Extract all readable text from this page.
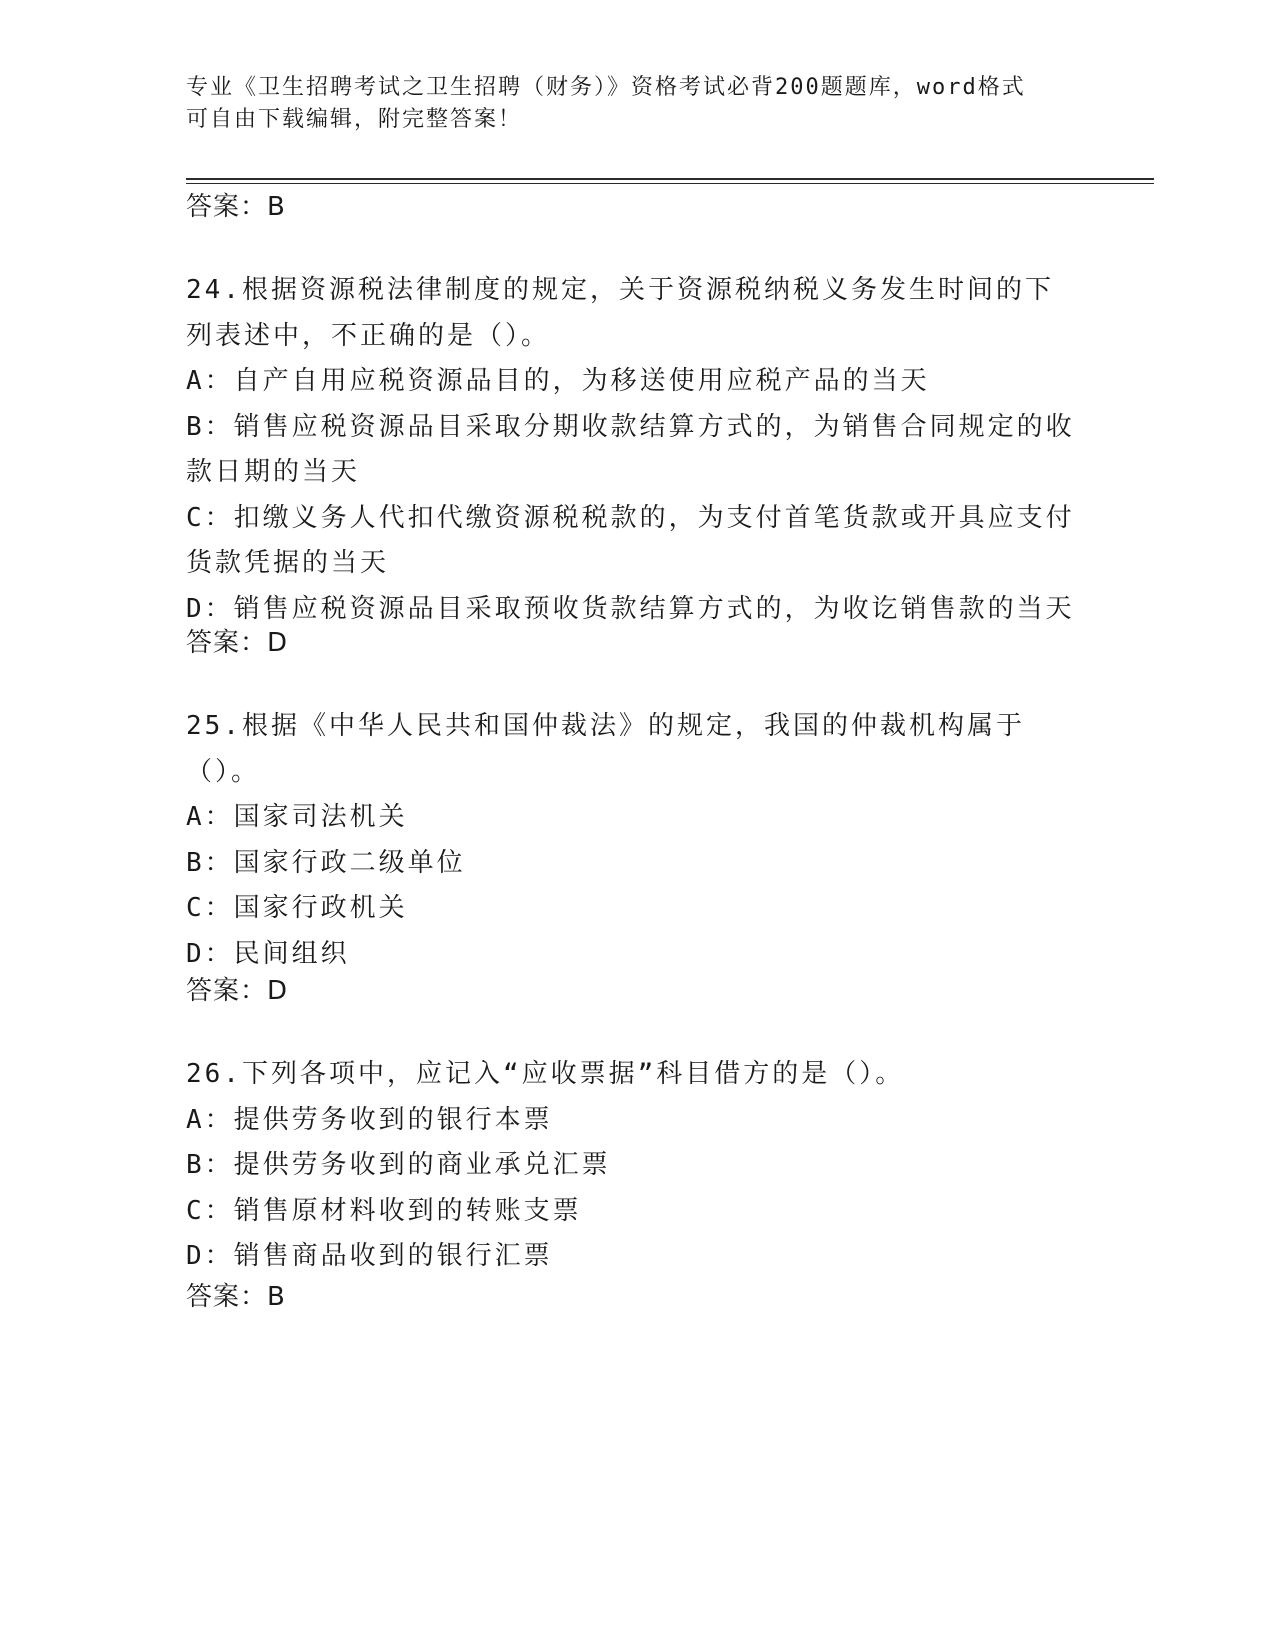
专业《卫生招聘考试之卫生招聘（财务）》资格考试必背200题题库，word格式
可自由下载编辑，附完整答案！
答案：B
24.根据资源税法律制度的规定，关于资源税纳税义务发生时间的下列表述中，不正确的是（）。
A：自产自用应税资源品目的，为移送使用应税产品的当天
B：销售应税资源品目采取分期收款结算方式的，为销售合同规定的收款日期的当天
C：扣缴义务人代扣代缴资源税税款的，为支付首笔货款或开具应支付货款凭据的当天
D：销售应税资源品目采取预收货款结算方式的，为收讫销售款的当天
答案：D
25.根据《中华人民共和国仲裁法》的规定，我国的仲裁机构属于（）。
A：国家司法机关
B：国家行政二级单位
C：国家行政机关
D：民间组织
答案：D
26.下列各项中，应记入“应收票据”科目借方的是（）。
A：提供劳务收到的银行本票
B：提供劳务收到的商业承兑汇票
C：销售原材料收到的转账支票
D：销售商品收到的银行汇票
答案：B
